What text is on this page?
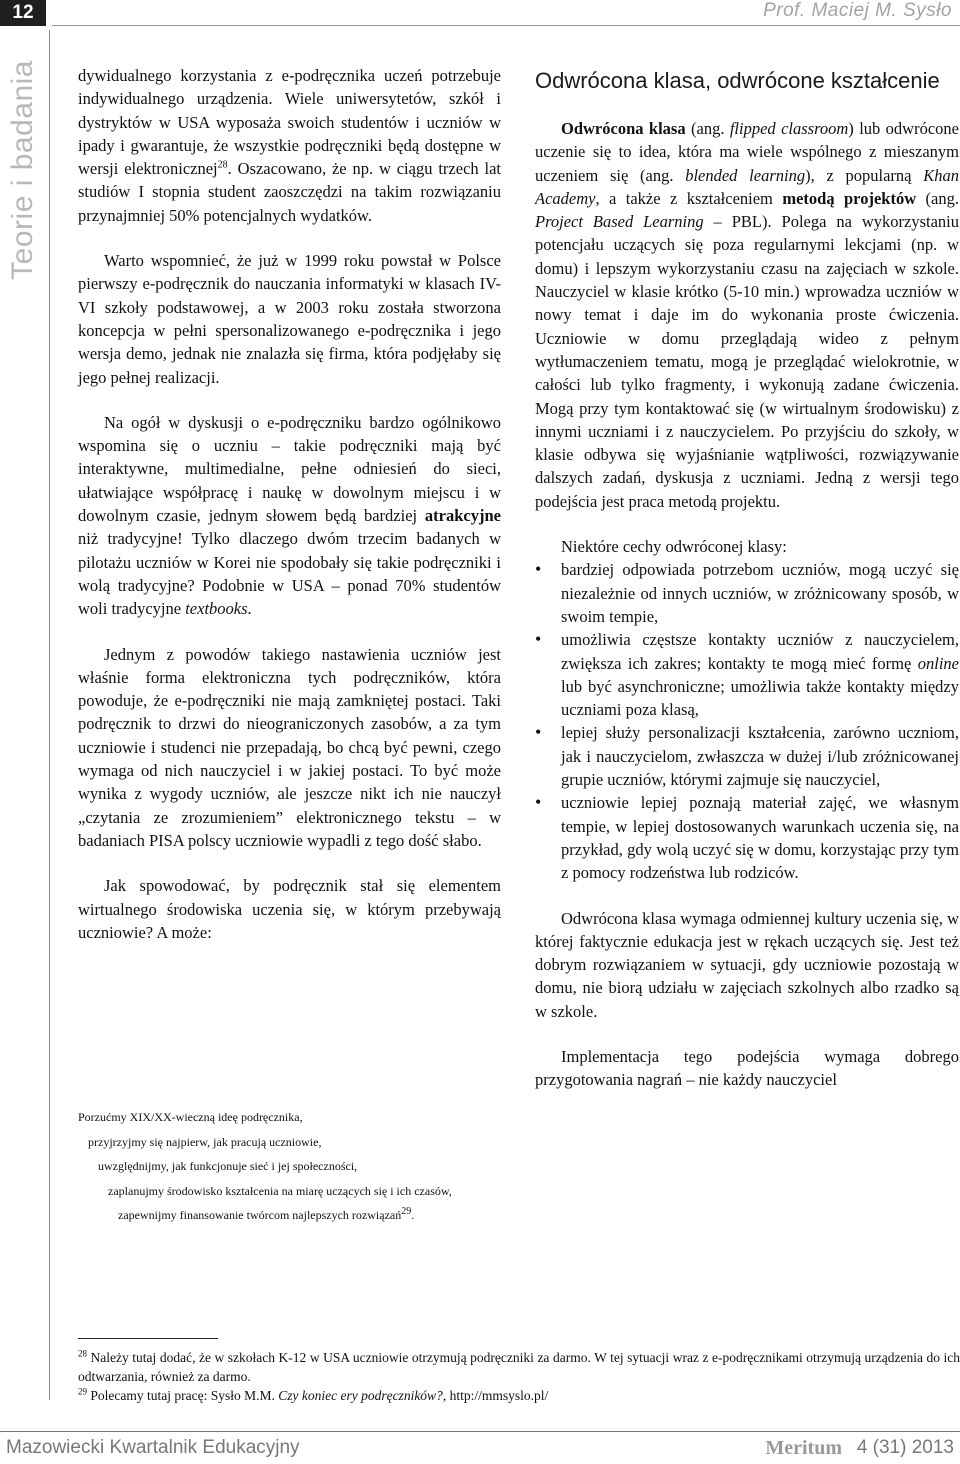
12	Prof. Maciej M. Sysło
Teorie i badania dywidualnego korzystania z e-podręcznika uczeń potrzebuje indywidualnego urządzenia. Wiele uniwersytetów, szkół i dystryktów w USA wyposaża swoich studentów i uczniów w ipady i gwarantuje, że wszystkie podręczniki będą dostępne w wersji elektronicznej$^{28}$. Oszacowano, że np. w ciągu trzech lat studiów I stopnia student zaoszczędzi na takim rozwiązaniu przynajmniej 50% potencjalnych wydatków.

Warto wspomnieć, że już w 1999 roku powstał w Polsce pierwszy e-podręcznik do nauczania informatyki w klasach IV-VI szkoły podstawowej, a w 2003 roku została stworzona koncepcja w pełni spersonalizowanego e-podręcznika i jego wersja demo, jednak nie znalazła się firma, która podjęłaby się jego pełnej realizacji.

Na ogół w dyskusji o e-podręczniku bardzo ogólnikowo wspomina się o uczniu – takie podręczniki mają być interaktywne, multimedialne, pełne odniesień do sieci, ułatwiające współpracę i naukę w dowolnym miejscu i w dowolnym czasie, jednym słowem będą bardziej atrakcyjne niż tradycyjne! Tylko dlaczego dwóm trzecim badanych w pilotażu uczniów w Korei nie spodobały się takie podręczniki i wolą tradycyjne? Podobnie w USA – ponad 70% studentów woli tradycyjne textbooks.

Jednym z powodów takiego nastawienia uczniów jest właśnie forma elektroniczna tych podręczników, która powoduje, że e-podręczniki nie mają zamkniętej postaci. Taki podręcznik to drzwi do nieograniczonych zasobów, a za tym uczniowie i studenci nie przepadają, bo chcą być pewni, czego wymaga od nich nauczyciel i w jakiej postaci. To być może wynika z wygody uczniów, ale jeszcze nikt ich nie nauczył „czytania ze zrozumieniem” elektronicznego tekstu – w badaniach PISA polscy uczniowie wypadli z tego dość słabo.

Jak spowodować, by podręcznik stał się elementem wirtualnego środowiska uczenia się, w którym przebywają uczniowie? A może:

Porzućmy XIX/XX-wieczną ideę podręcznika,
przyjrzyjmy się najpierw, jak pracują uczniowie,
uwzględnijmy, jak funkcjonuje sieć i jej społeczności,
zaplanujmy środowisko kształcenia na miarę uczących się i ich czasów,
zapewnijmy finansowanie twórcom najlepszych rozwiązań$^{29}$.
Odwrócona klasa, odwrócone kształcenie

Odwrócona klasa (ang. flipped classroom) lub odwrócone uczenie się to idea, która ma wiele wspólnego z mieszanym uczeniem się (ang. blended learning), z popularną Khan Academy, a także z kształceniem metodą projektów (ang. Project Based Learning – PBL). Polega na wykorzystaniu potencjału uczących się poza regularnymi lekcjami (np. w domu) i lepszym wykorzystaniu czasu na zajęciach w szkole. Nauczyciel w klasie krótko (5-10 min.) wprowadza uczniów w nowy temat i daje im do wykonania proste ćwiczenia. Uczniowie w domu przeglądają wideo z pełnym wytłumaczeniem tematu, mogą je przeglądać wielokrotnie, w całości lub tylko fragmenty, i wykonują zadane ćwiczenia. Mogą przy tym kontaktować się (w wirtualnym środowisku) z innymi uczniami i z nauczycielem. Po przyjściu do szkoły, w klasie odbywa się wyjaśnianie wątpliwości, rozwiązywanie dalszych zadań, dyskusja z uczniami. Jedną z wersji tego podejścia jest praca metodą projektu.

Niektóre cechy odwróconej klasy:

• bardziej odpowiada potrzebom uczniów, mogą uczyć się niezależnie od innych uczniów, w zróżnicowany sposób, w swoim tempie,
• umożliwia częstsze kontakty uczniów z nauczycielem, zwiększa ich zakres; kontakty te mogą mieć formę online lub być asynchroniczne; umożliwia także kontakty między uczniami poza klasą,
• lepiej służy personalizacji kształcenia, zarówno uczniom, jak i nauczycielom, zwłaszcza w dużej i/lub zróżnicowanej grupie uczniów, którymi zajmuje się nauczyciel,
• uczniowie lepiej poznają materiał zajęć, we własnym tempie, w lepiej dostosowanych warunkach uczenia się, na przykład, gdy wolą uczyć się w domu, korzystając przy tym z pomocy rodzeństwa lub rodziców.

Odwrócona klasa wymaga odmiennej kultury uczenia się, w której faktycznie edukacja jest w rękach uczących się. Jest też dobrym rozwiązaniem w sytuacji, gdy uczniowie pozostają w domu, nie biorą udziału w zajęciach szkolnych albo rzadko są w szkole.

Implementacja tego podejścia wymaga dobrego przygotowania nagrań – nie każdy nauczyciel

$^{28}$ Należy tutaj dodać, że w szkołach K-12 w USA uczniowie otrzymują podręczniki za darmo. W tej sytuacji wraz z e-podręcznikami otrzymują urządzenia do ich odtwarzania, również za darmo.

$^{29}$ Polecamy tutaj pracę: Sysło M.M. Czy koniec ery podręczników?, http://mmsyslo.pl/

Mazowiecki Kwartalnik Edukacyjny	Meritum 4 (31) 2013
